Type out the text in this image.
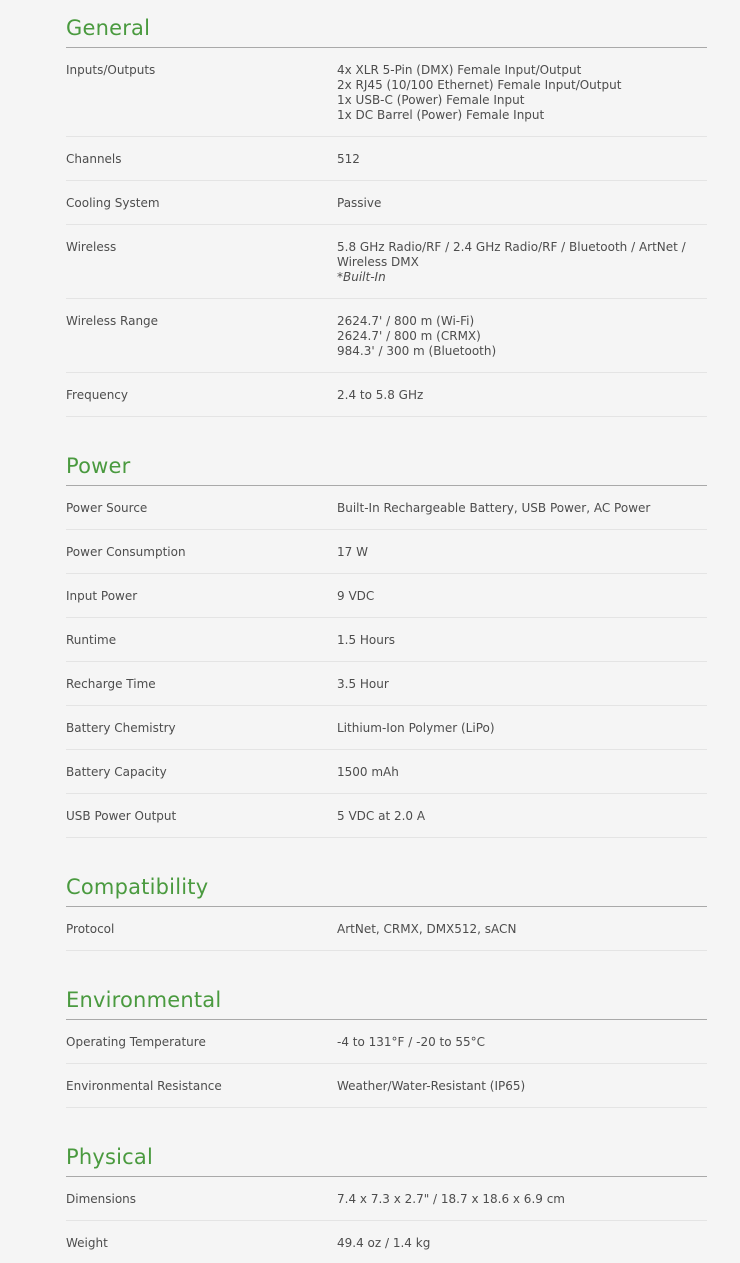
General
Inputs/Outputs	4x XLR 5-Pin (DMX) Female Input/Output
2x RJ45 (10/100 Ethernet) Female Input/Output
1x USB-C (Power) Female Input
1x DC Barrel (Power) Female Input
Channels	512
Cooling System	Passive
Wireless	5.8 GHz Radio/RF / 2.4 GHz Radio/RF / Bluetooth / ArtNet /
Wireless DMX
*Built-In
Wireless Range	2624.7' / 800 m (Wi-Fi)
2624.7' / 800 m (CRMX)
984.3' / 300 m (Bluetooth)
Frequency	2.4 to 5.8 GHz
Power
Power Source	Built-In Rechargeable Battery, USB Power, AC Power
Power Consumption	17 W
Input Power	9 VDC
Runtime	1.5 Hours
Recharge Time	3.5 Hour
Battery Chemistry	Lithium-Ion Polymer (LiPo)
Battery Capacity	1500 mAh
USB Power Output	5 VDC at 2.0 A
Compatibility
Protocol	ArtNet, CRMX, DMX512, sACN
Environmental
Operating Temperature	-4 to 131°F / -20 to 55°C
Environmental Resistance	Weather/Water-Resistant (IP65)
Physical
Dimensions	7.4 x 7.3 x 2.7" / 18.7 x 18.6 x 6.9 cm
Weight	49.4 oz / 1.4 kg
